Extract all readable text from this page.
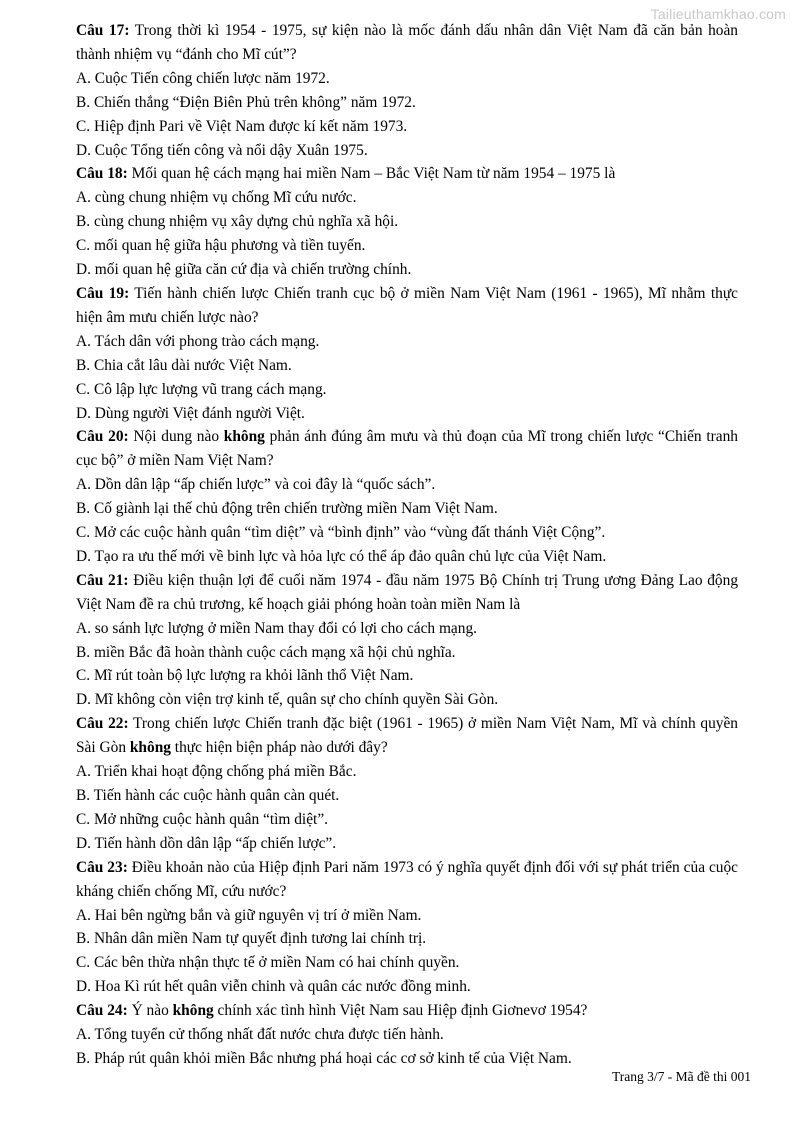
Tailieuthamkhao.com

Câu 17: Trong thời kì 1954 - 1975, sự kiện nào là mốc đánh dấu nhân dân Việt Nam đã căn bản hoàn thành nhiệm vụ “đánh cho Mĩ cút”?

A. Cuộc Tiến công chiến lược năm 1972.
B. Chiến thắng “Điện Biên Phủ trên không” năm 1972.
C. Hiệp định Pari về Việt Nam được kí kết năm 1973.
D. Cuộc Tổng tiến công và nổi dậy Xuân 1975.

Câu 18: Mối quan hệ cách mạng hai miền Nam – Bắc Việt Nam từ năm 1954 – 1975 là

A. cùng chung nhiệm vụ chống Mĩ cứu nước.
B. cùng chung nhiệm vụ xây dựng chủ nghĩa xã hội.
C. mối quan hệ giữa hậu phương và tiền tuyến.
D. mối quan hệ giữa căn cứ địa và chiến trường chính.

Câu 19: Tiến hành chiến lược Chiến tranh cục bộ ở miền Nam Việt Nam (1961 - 1965), Mĩ nhằm thực hiện âm mưu chiến lược nào?

A. Tách dân với phong trào cách mạng.
B. Chia cắt lâu dài nước Việt Nam.
C. Cô lập lực lượng vũ trang cách mạng.
D. Dùng người Việt đánh người Việt.

Câu 20: Nội dung nào không phản ánh đúng âm mưu và thủ đoạn của Mĩ trong chiến lược “Chiến tranh cục bộ” ở miền Nam Việt Nam?

A. Dồn dân lập “ấp chiến lược” và coi đây là “quốc sách”.
B. Cố giành lại thế chủ động trên chiến trường miền Nam Việt Nam.
C. Mở các cuộc hành quân “tìm diệt” và “bình định” vào “vùng đất thánh Việt Cộng”.
D. Tạo ra ưu thế mới về binh lực và hỏa lực có thể áp đảo quân chủ lực của Việt Nam.

Câu 21: Điều kiện thuận lợi để cuối năm 1974 - đầu năm 1975 Bộ Chính trị Trung ương Đảng Lao động Việt Nam đề ra chủ trương, kế hoạch giải phóng hoàn toàn miền Nam là

A. so sánh lực lượng ở miền Nam thay đổi có lợi cho cách mạng.
B. miền Bắc đã hoàn thành cuộc cách mạng xã hội chủ nghĩa.
C. Mĩ rút toàn bộ lực lượng ra khỏi lãnh thổ Việt Nam.
D. Mĩ không còn viện trợ kinh tế, quân sự cho chính quyền Sài Gòn.

Câu 22: Trong chiến lược Chiến tranh đặc biệt (1961 - 1965) ở miền Nam Việt Nam, Mĩ và chính quyền Sài Gòn không thực hiện biện pháp nào dưới đây?

A. Triển khai hoạt động chống phá miền Bắc.
B. Tiến hành các cuộc hành quân càn quét.
C. Mở những cuộc hành quân “tìm diệt”.
D. Tiến hành dồn dân lập “ấp chiến lược”.

Câu 23: Điều khoản nào của Hiệp định Pari năm 1973 có ý nghĩa quyết định đối với sự phát triển của cuộc kháng chiến chống Mĩ, cứu nước?

A. Hai bên ngừng bắn và giữ nguyên vị trí ở miền Nam.
B. Nhân dân miền Nam tự quyết định tương lai chính trị.
C. Các bên thừa nhận thực tế ở miền Nam có hai chính quyền.
D. Hoa Kì rút hết quân viễn chinh và quân các nước đồng minh.

Câu 24: Ý nào không chính xác tình hình Việt Nam sau Hiệp định Giơnevơ 1954?

A. Tổng tuyển cử thống nhất đất nước chưa được tiến hành.
B. Pháp rút quân khỏi miền Bắc nhưng phá hoại các cơ sở kinh tế của Việt Nam.
Trang 3/7 - Mã đề thi 001
